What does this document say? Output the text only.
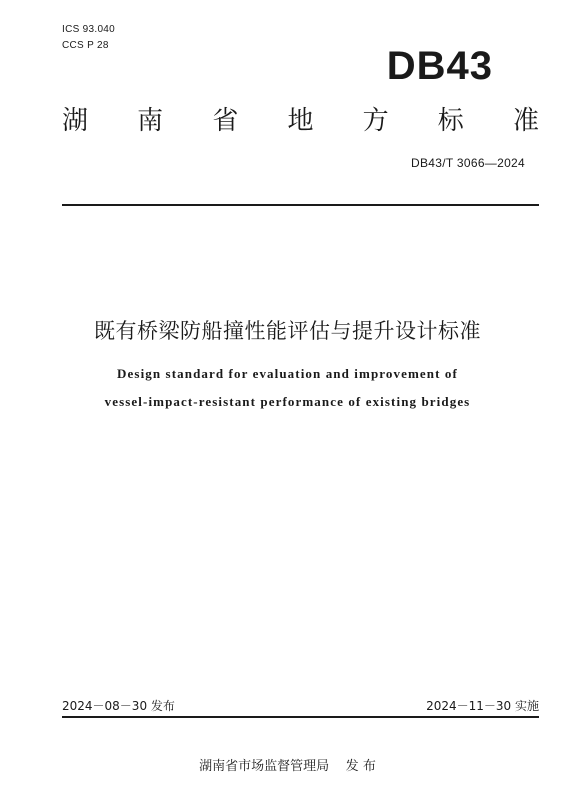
ICS 93.040
CCS P 28	DB43
湖 南 省 地 方 标 准
DB43/T 3066—2024
既有桥梁防船撞性能评估与提升设计标准
Design standard for evaluation and improvement of
vessel-impact-resistant performance of existing bridges
2024－08－30 发布	2024－11－30 实施
湖南省市场监督管理局    发 布
